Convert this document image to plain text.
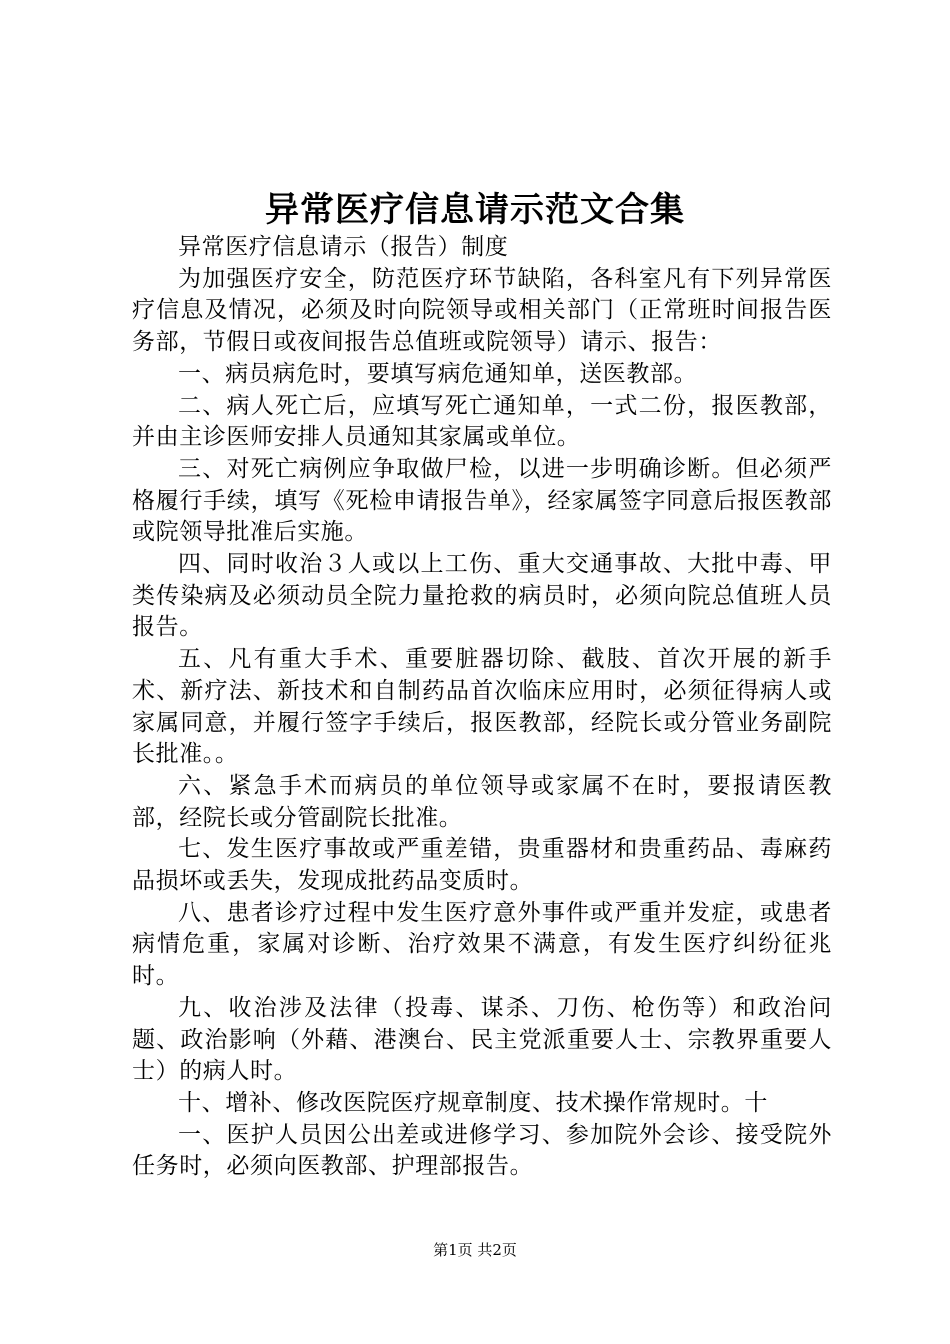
异常医疗信息请示范文合集

异常医疗信息请示（报告）制度

为加强医疗安全，防范医疗环节缺陷，各科室凡有下列异常医疗信息及情况，必须及时向院领导或相关部门（正常班时间报告医务部，节假日或夜间报告总值班或院领导）请示、报告：

一、病员病危时，要填写病危通知单，送医教部。

二、病人死亡后，应填写死亡通知单，一式二份，报医教部，并由主诊医师安排人员通知其家属或单位。

三、对死亡病例应争取做尸检，以进一步明确诊断。但必须严格履行手续，填写《死检申请报告单》，经家属签字同意后报医教部或院领导批准后实施。

四、同时收治３人或以上工伤、重大交通事故、大批中毒、甲类传染病及必须动员全院力量抢救的病员时，必须向院总值班人员报告。

五、凡有重大手术、重要脏器切除、截肢、首次开展的新手术、新疗法、新技术和自制药品首次临床应用时，必须征得病人或家属同意，并履行签字手续后，报医教部，经院长或分管业务副院长批准。。

六、紧急手术而病员的单位领导或家属不在时，要报请医教部，经院长或分管副院长批准。

七、发生医疗事故或严重差错，贵重器材和贵重药品、毒麻药品损坏或丢失，发现成批药品变质时。

八、患者诊疗过程中发生医疗意外事件或严重并发症，或患者病情危重，家属对诊断、治疗效果不满意，有发生医疗纠纷征兆时。

九、收治涉及法律（投毒、谋杀、刀伤、枪伤等）和政治问题、政治影响（外藉、港澳台、民主党派重要人士、宗教界重要人士）的病人时。

十、增补、修改医院医疗规章制度、技术操作常规时。十

一、医护人员因公出差或进修学习、参加院外会诊、接受院外任务时，必须向医教部、护理部报告。

第1页 共2页
